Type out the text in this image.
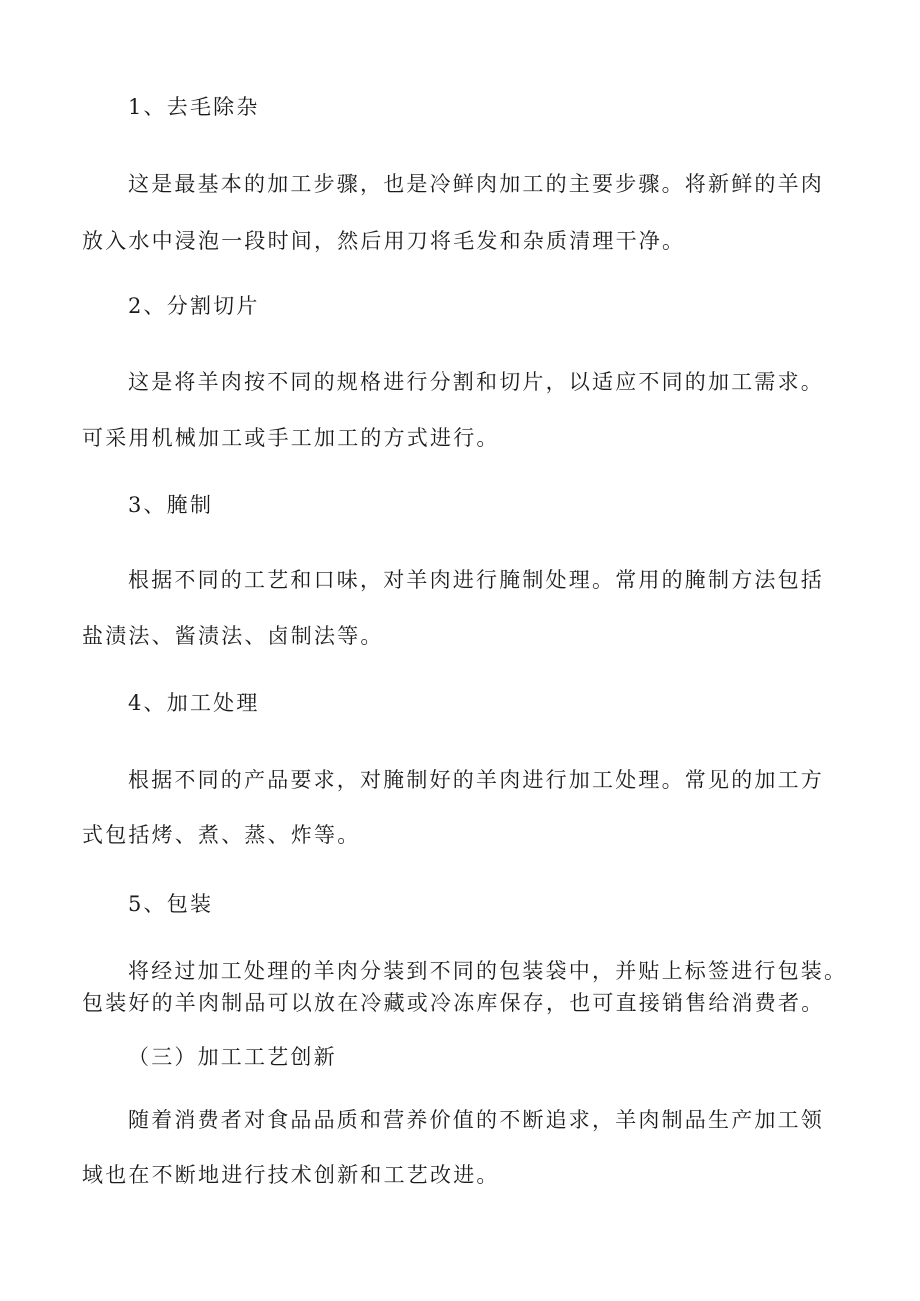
1、去毛除杂
这是最基本的加工步骤，也是冷鲜肉加工的主要步骤。将新鲜的羊肉
放入水中浸泡一段时间，然后用刀将毛发和杂质清理干净。
2、分割切片
这是将羊肉按不同的规格进行分割和切片，以适应不同的加工需求。
可采用机械加工或手工加工的方式进行。
3、腌制
根据不同的工艺和口味，对羊肉进行腌制处理。常用的腌制方法包括
盐渍法、酱渍法、卤制法等。
4、加工处理
根据不同的产品要求，对腌制好的羊肉进行加工处理。常见的加工方
式包括烤、煮、蒸、炸等。
5、包装
将经过加工处理的羊肉分装到不同的包装袋中，并贴上标签进行包装。
包装好的羊肉制品可以放在冷藏或冷冻库保存，也可直接销售给消费者。
（三）加工工艺创新
随着消费者对食品品质和营养价值的不断追求，羊肉制品生产加工领
域也在不断地进行技术创新和工艺改进。
